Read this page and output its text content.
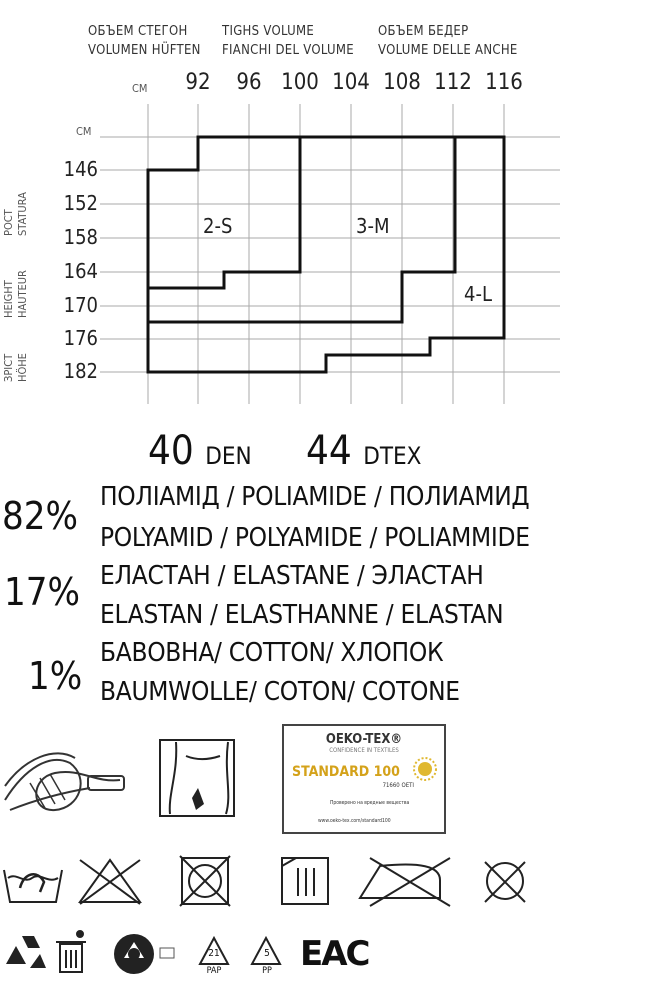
ОБЪЕМ СТЕГОН
VOLUMEN HÜFTEN
TIGHS VOLUME
FIANCHI DEL VOLUME
ОБЪЕМ БЕДЕР
VOLUME DELLE ANCHE
CM	92	96 100 104 108 112 116
CM
146
152
158
164
170
176
182
РОСТ STATURA
HEIGHT HAUTEUR
ЗРІСТ HÖHE
2-S	3-M
4-L
40 DEN 44 DTEX
82% ПОЛІАМІД / POLIAMIDE / ПОЛИАМИД
POLYAMID / POLYAMIDE / POLIAMMIDE
17% ЕЛАСТАН / ELASTANE / ЭЛАСТАН
ELASTAN / ELASTHANNE / ELASTAN
1%
БАВОВНА/ COTTON/ ХЛОПОК
BAUMWOLLE/ COTON/ COTONE
OEKO-TEX®
CONFIDENCE IN TEXTILES
STANDARD 100
71660 OETI
Проверено на вредные вещества
www.oeko-tex.com/standard100
21
PAP
5
PP EAC
